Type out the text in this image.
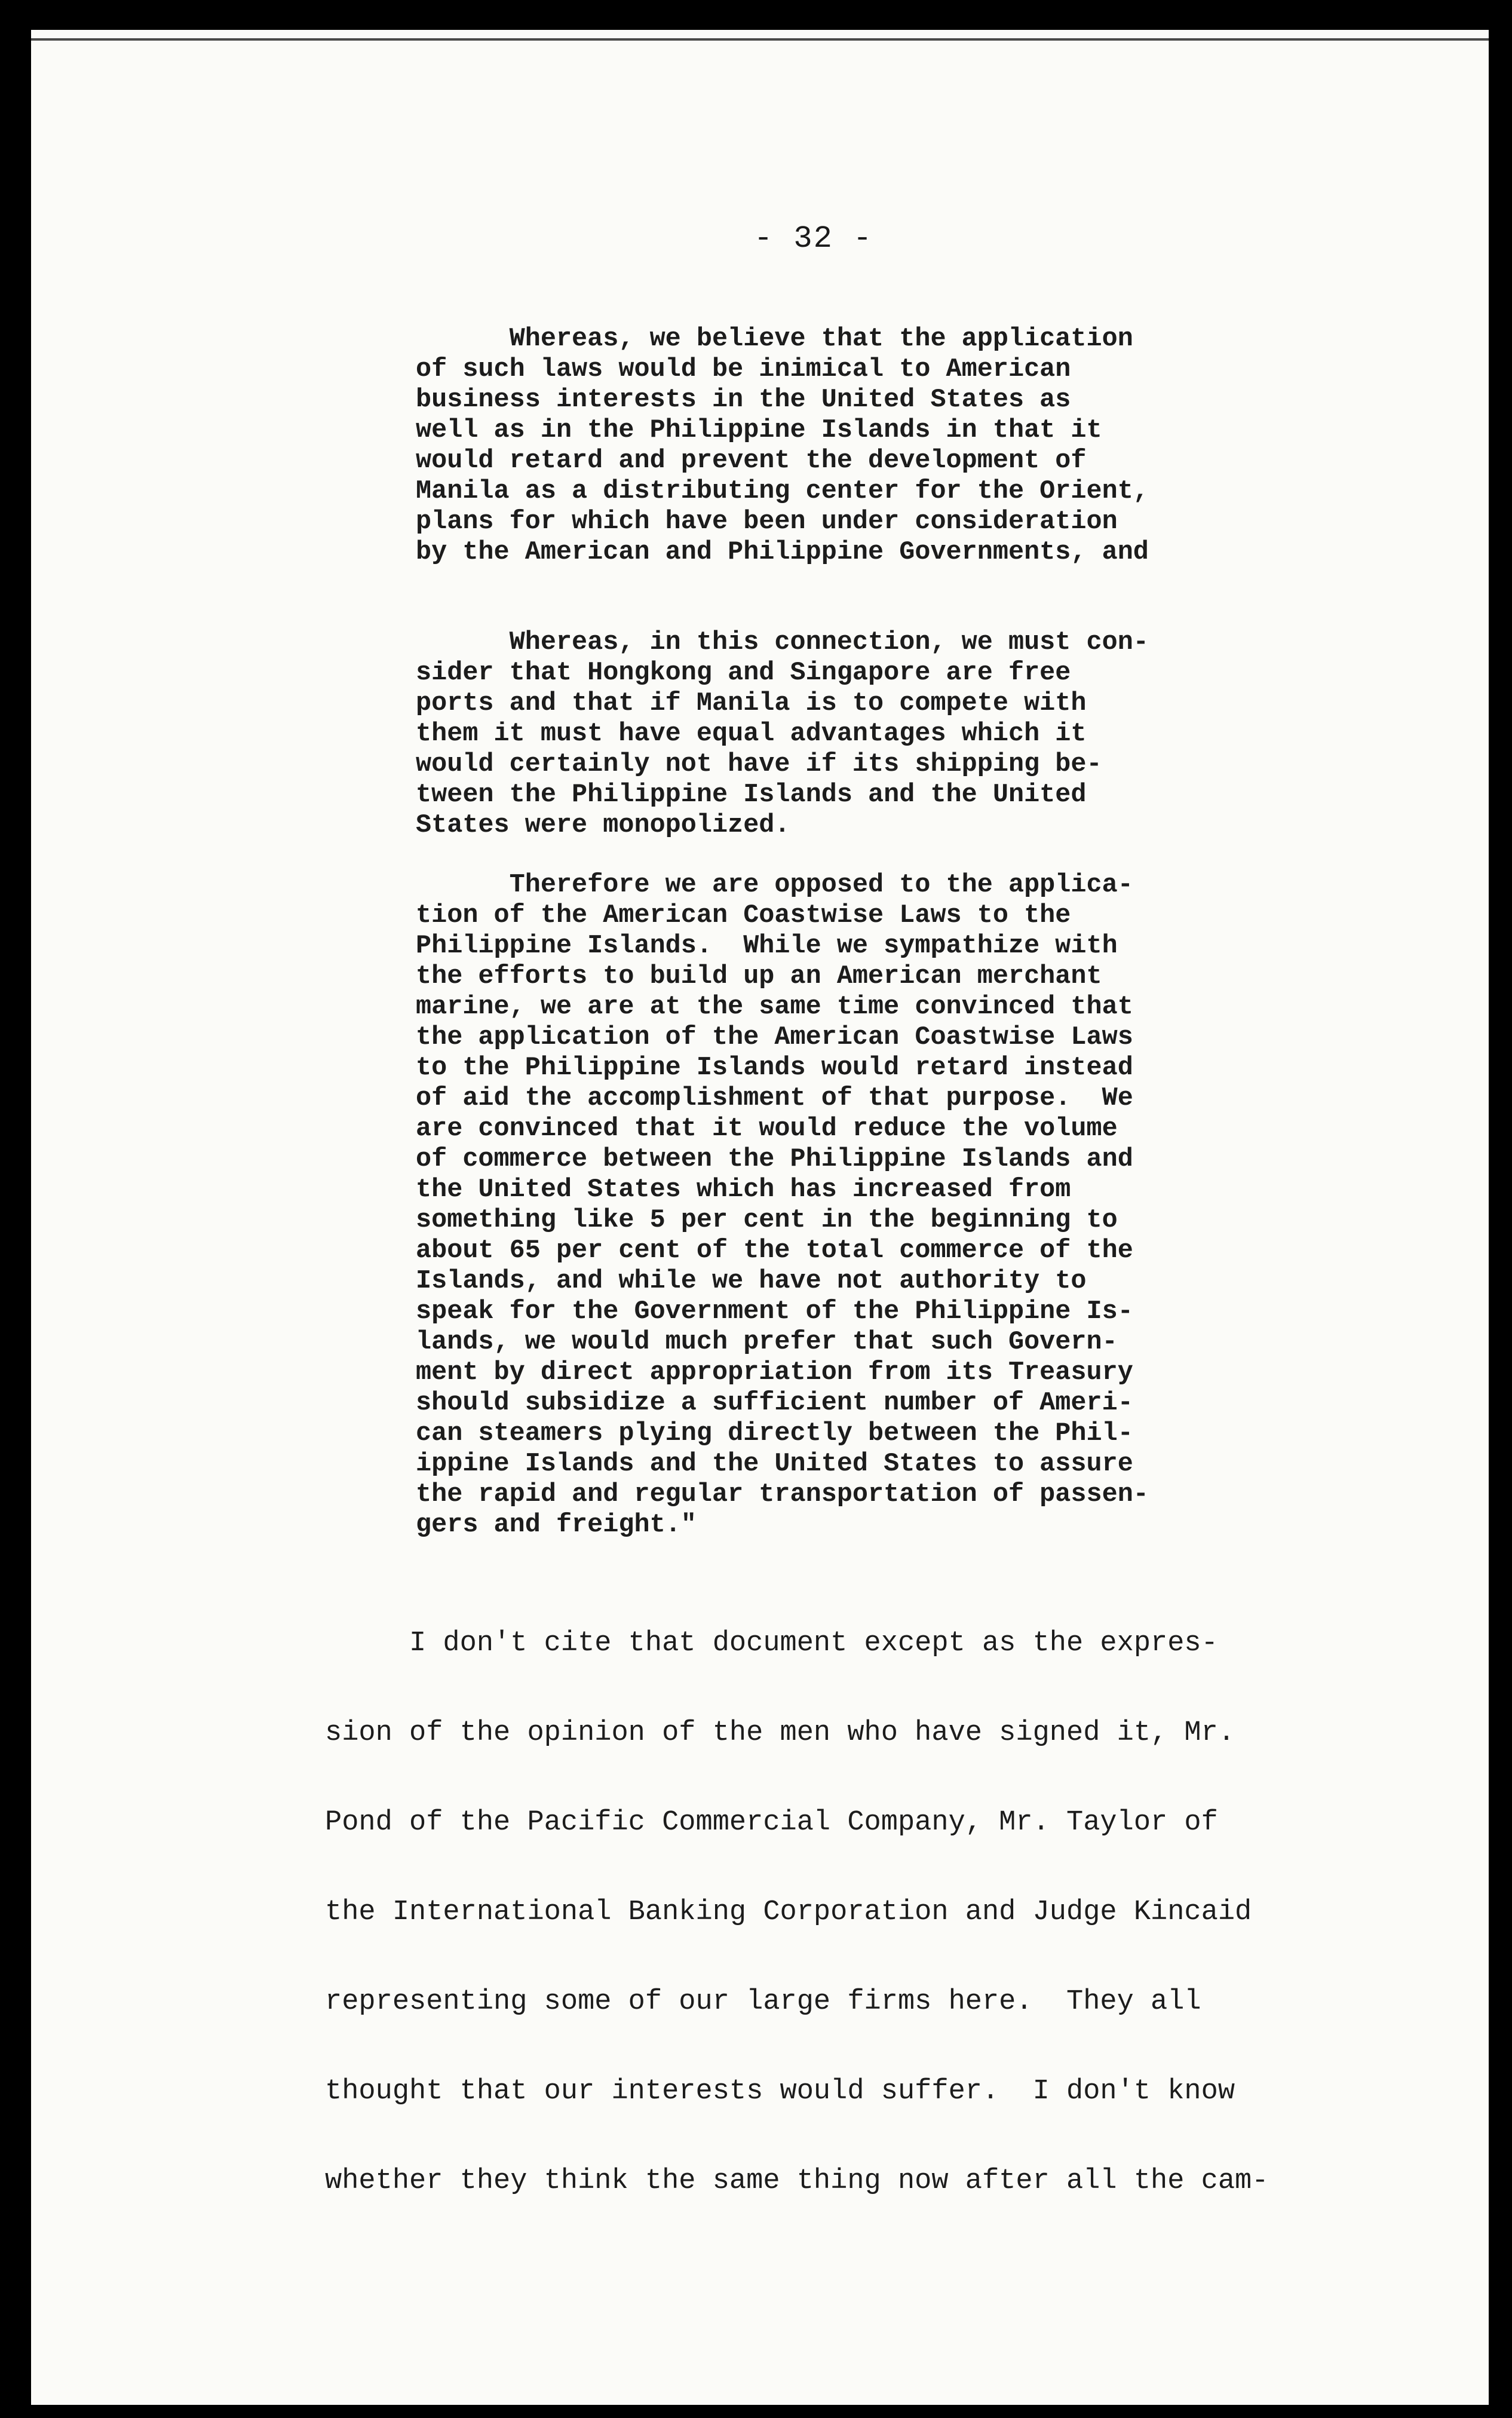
- 32 -

Whereas, we believe that the application

of such laws would be inimical to American

business interests in the United States as

well as in the Philippine Islands in that it

would retard and prevent the development of

Manila as a distributing center for the Orient,

plans for which have been under consideration

by the American and Philippine Governments, and

Whereas, in this connection, we must con-

sider that Hongkong and Singapore are free

ports and that if Manila is to compete with

them it must have equal advantages which it

would certainly not have if its shipping be-

tween the Philippine Islands and the United

States were monopolized.

Therefore we are opposed to the applica-

tion of the American Coastwise Laws to the

Philippine Islands.  While we sympathize with

the efforts to build up an American merchant

marine, we are at the same time convinced that

the application of the American Coastwise Laws

to the Philippine Islands would retard instead

of aid the accomplishment of that purpose.  We

are convinced that it would reduce the volume

of commerce between the Philippine Islands and

the United States which has increased from

something like 5 per cent in the beginning to

about 65 per cent of the total commerce of the

Islands, and while we have not authority to

speak for the Government of the Philippine Is-

lands, we would much prefer that such Govern-

ment by direct appropriation from its Treasury

should subsidize a sufficient number of Ameri-

can steamers plying directly between the Phil-

ippine Islands and the United States to assure

the rapid and regular transportation of passen-

gers and freight."

I don't cite that document except as the expres-

sion of the opinion of the men who have signed it, Mr.

Pond of the Pacific Commercial Company, Mr. Taylor of

the International Banking Corporation and Judge Kincaid

representing some of our large firms here.  They all

thought that our interests would suffer.  I don't know

whether they think the same thing now after all the cam-
